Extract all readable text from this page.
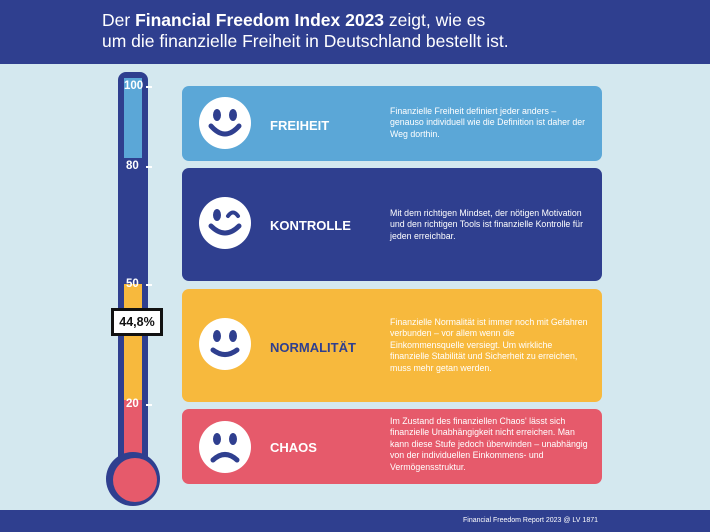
Der Financial Freedom Index 2023 zeigt, wie es
um die finanzielle Freiheit in Deutschland bestellt ist.
100
80
50
20
44,8%
FREIHEIT
Finanzielle Freiheit definiert jeder anders – genauso individuell wie die Definition ist daher der Weg dorthin.
KONTROLLE
Mit dem richtigen Mindset, der nötigen Motivation und den richtigen Tools ist finanzielle Kontrolle für jeden erreichbar.
NORMALITÄT
Finanzielle Normalität ist immer noch mit Gefahren verbunden – vor allem wenn die Einkommensquelle versiegt. Um wirkliche finanzielle Stabilität und Sicherheit zu erreichen, muss mehr getan werden.
CHAOS
Im Zustand des finanziellen Chaos' lässt sich finanzielle Unabhängigkeit nicht erreichen. Man kann diese Stufe jedoch überwinden – unabhängig von der individuellen Einkommens- und Vermögensstruktur.
Financial Freedom Report 2023 @ LV 1871
